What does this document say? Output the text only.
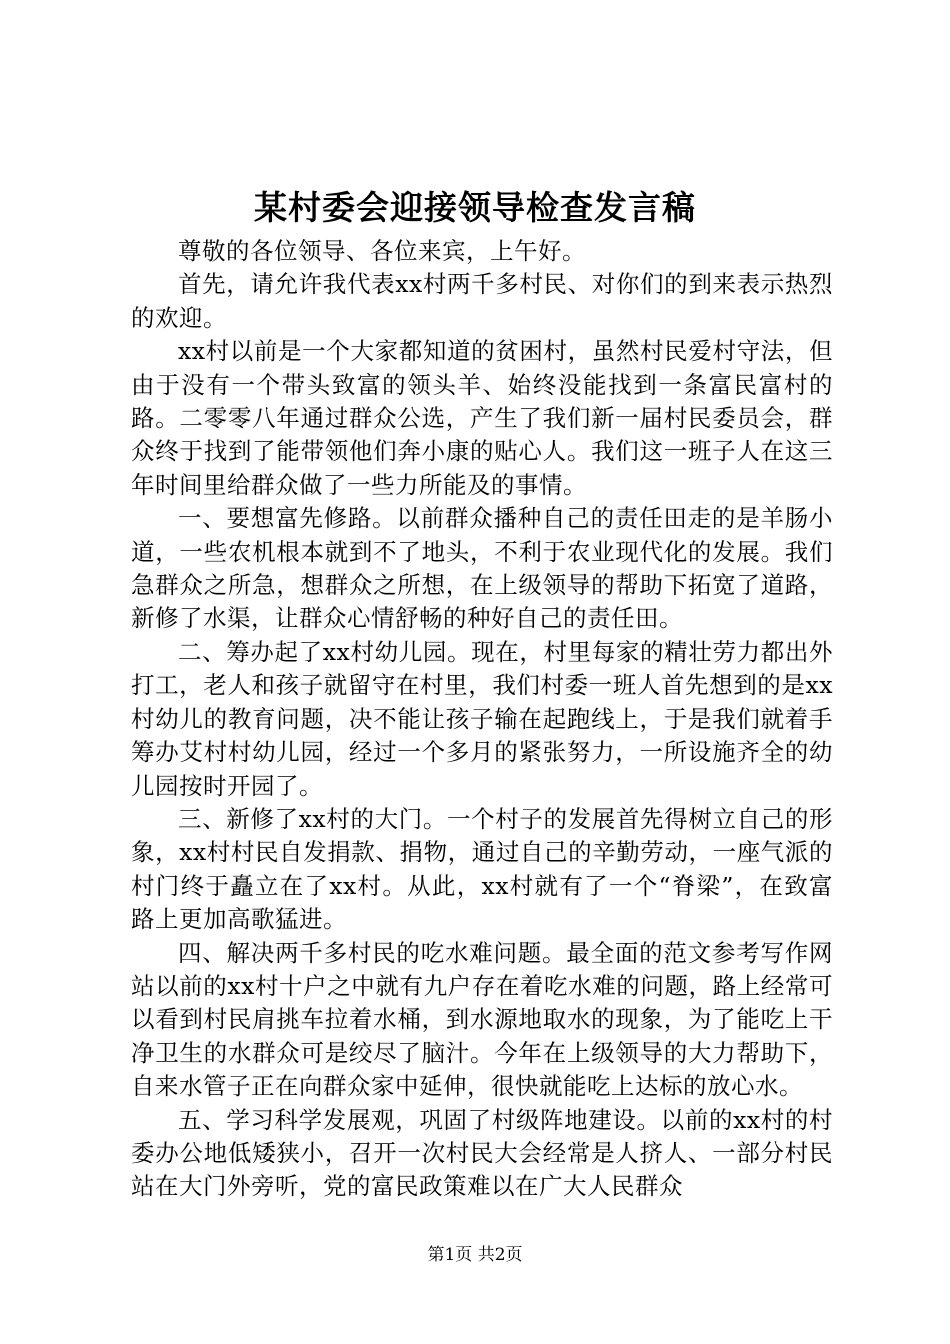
某村委会迎接领导检查发言稿

尊敬的各位领导、各位来宾，上午好。

首先，请允许我代表xx村两千多村民、对你们的到来表示热烈的欢迎。

xx村以前是一个大家都知道的贫困村，虽然村民爱村守法，但由于没有一个带头致富的领头羊、始终没能找到一条富民富村的路。二零零八年通过群众公选，产生了我们新一届村民委员会，群众终于找到了能带领他们奔小康的贴心人。我们这一班子人在这三年时间里给群众做了一些力所能及的事情。

一、要想富先修路。以前群众播种自己的责任田走的是羊肠小道，一些农机根本就到不了地头，不利于农业现代化的发展。我们急群众之所急，想群众之所想，在上级领导的帮助下拓宽了道路，新修了水渠，让群众心情舒畅的种好自己的责任田。

二、筹办起了xx村幼儿园。现在，村里每家的精壮劳力都出外打工，老人和孩子就留守在村里，我们村委一班人首先想到的是xx村幼儿的教育问题，决不能让孩子输在起跑线上，于是我们就着手筹办艾村村幼儿园，经过一个多月的紧张努力，一所设施齐全的幼儿园按时开园了。

三、新修了xx村的大门。一个村子的发展首先得树立自己的形象，xx村村民自发捐款、捐物，通过自己的辛勤劳动，一座气派的村门终于矗立在了xx村。从此，xx村就有了一个“脊梁”，在致富路上更加高歌猛进。

四、解决两千多村民的吃水难问题。最全面的范文参考写作网站以前的xx村十户之中就有九户存在着吃水难的问题，路上经常可以看到村民肩挑车拉着水桶，到水源地取水的现象，为了能吃上干净卫生的水群众可是绞尽了脑汁。今年在上级领导的大力帮助下，自来水管子正在向群众家中延伸，很快就能吃上达标的放心水。

五、学习科学发展观，巩固了村级阵地建设。以前的xx村的村委办公地低矮狭小，召开一次村民大会经常是人挤人、一部分村民站在大门外旁听，党的富民政策难以在广大人民群众

第1页 共2页
